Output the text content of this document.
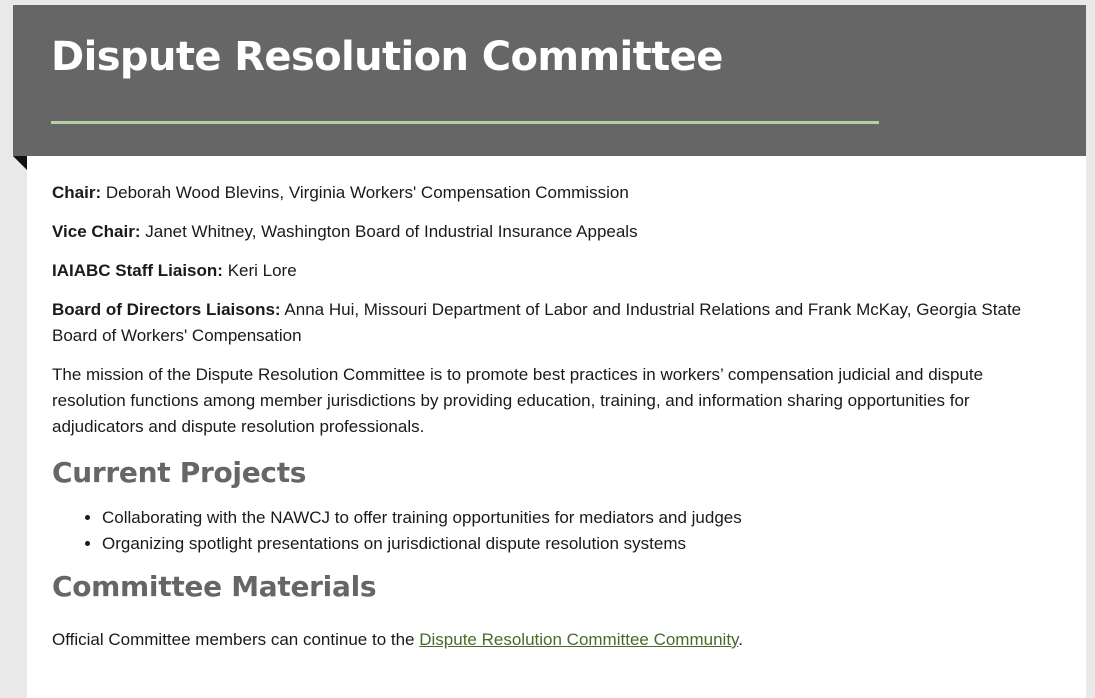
Dispute Resolution Committee

Chair: Deborah Wood Blevins, Virginia Workers' Compensation Commission

Vice Chair: Janet Whitney, Washington Board of Industrial Insurance Appeals

IAIABC Staff Liaison: Keri Lore

Board of Directors Liaisons: Anna Hui, Missouri Department of Labor and Industrial Relations and Frank McKay, Georgia State Board of Workers' Compensation

The mission of the Dispute Resolution Committee is to promote best practices in workers’ compensation judicial and dispute resolution functions among member jurisdictions by providing education, training, and information sharing opportunities for adjudicators and dispute resolution professionals.

Current Projects
• Collaborating with the NAWCJ to offer training opportunities for mediators and judges
• Organizing spotlight presentations on jurisdictional dispute resolution systems
Committee Materials

Official Committee members can continue to the Dispute Resolution Committee Community.
